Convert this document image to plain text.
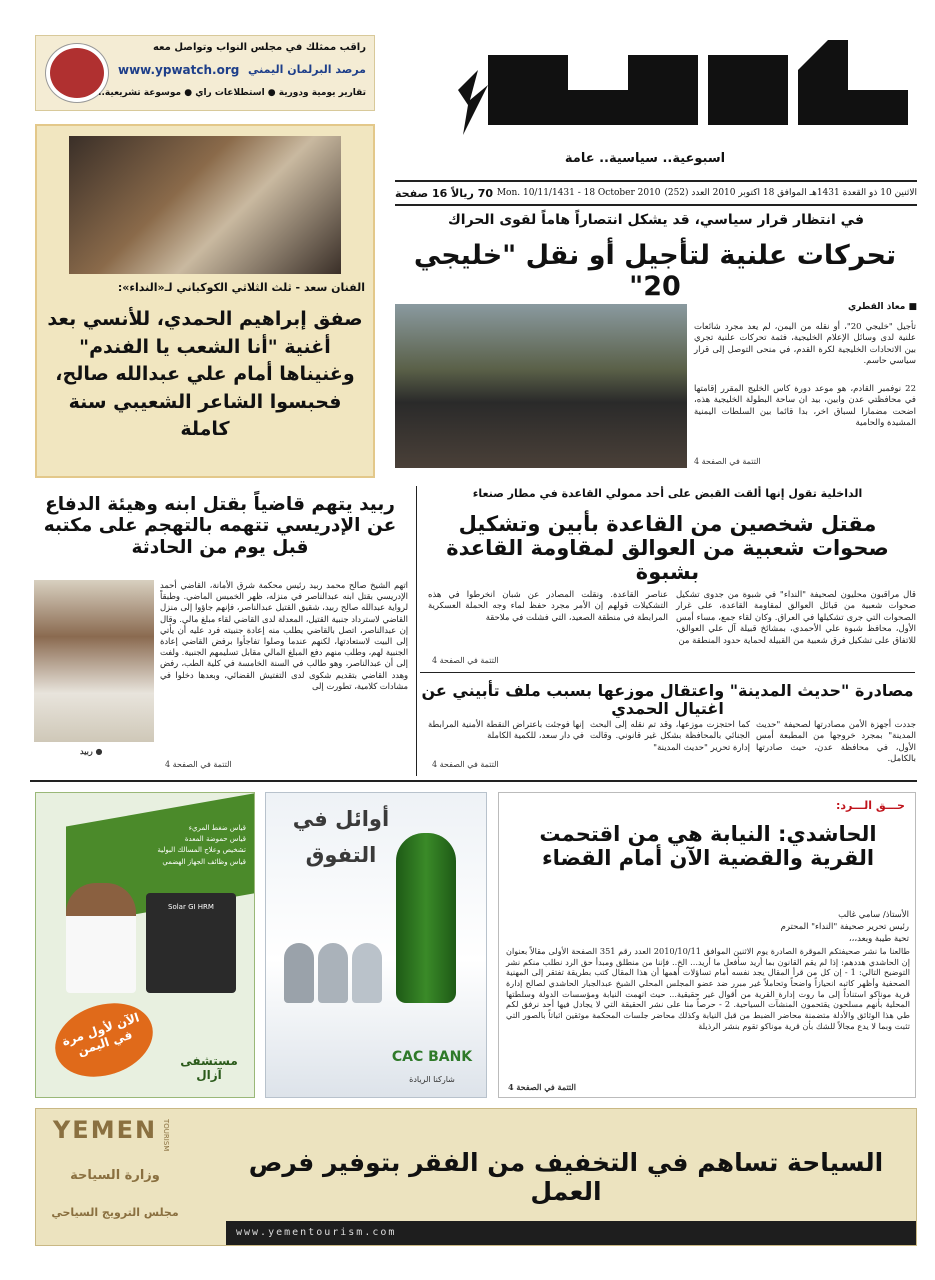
اسبوعية.. سياسية.. عامة
الاثنين 10 ذو القعدة 1431هـ الموافق 18 اكتوبر 2010 العدد (252)
Mon. 10/11/1431 - 18 October 2010
70 ريالاً
16 صفحة
راقب ممثلك في مجلس النواب وتواصل معه
مرصد البرلمان اليمني
www.ypwatch.org
تقارير يومية ودورية ● استطلاعات راي ● موسوعة تشريعية..
الفنان سعد - ثلث الثلاثي الكوكباني لـ«النداء»:
صفق إبراهيم الحمدي، للأنسي بعد أغنية "أنا الشعب يا الفندم" وغنيناها أمام علي عبدالله صالح، فحبسوا الشاعر الشعيبي سنة كاملة
في انتظار قرار سياسي، قد يشكل انتصاراً هاماً لقوى الحراك
تحركات علنية لتأجيل أو نقل "خليجي 20"
■ معاذ القطري
تأجيل "خليجي 20"، أو نقله من اليمن، لم يعد مجرد شائعات علنية لدى وسائل الإعلام الخليجية، فثمة تحركات علنية تجري بين الاتحادات الخليجية لكرة القدم، في منحى التوصل إلى قرار سياسي حاسم.
22 نوفمبر القادم، هو موعد دورة كاس الخليج المقرر إقامتها في محافظتي عدن وابين، بيد ان ساحة البطولة الخليجية هذه، اضحت مضمارا لسباق اخر، بدا قائما بين السلطات اليمنية المشيدة والحامية
التتمة في الصفحة 4
الداخلية تقول إنها ألقت القبض على أحد ممولي القاعدة في مطار صنعاء
مقتل شخصين من القاعدة بأبين وتشكيل صحوات شعبية من العوالق لمقاومة القاعدة بشبوة
قال مراقبون محليون لصحيفة "النداء" في شبوة من جدوى تشكيل صحوات شعبية من قبائل العوالق لمقاومة القاعدة، على غرار الصحوات التي جرى تشكيلها في العراق. وكان لقاء جمع، مساء أمس الأول، محافظ شبوة علي الأحمدي، بمشائخ قبيلة آل علي العوالق، للاتفاق على تشكيل فرق شعبية من القبيلة لحماية حدود المنطقة من
عناصر القاعدة. ونقلت المصادر عن شبان انخرطوا في هذه التشكيلات قولهم إن الأمر مجرد حفظ لماء وجه الحملة العسكرية المرابطة في منطقة الصعيد، التي فشلت في ملاحقة
التتمة في الصفحة 4
مصادرة "حديث المدينة" واعتقال موزعها بسبب ملف تأبيني عن اغتيال الحمدي
جددت أجهزة الأمن مصادرتها لصحيفة "حديث المدينة" بمجرد خروجها من المطبعة أمس الأول، في محافظة عدن، حيث صادرتها بالكامل.
كما احتجزت موزعها، وقد تم نقله إلى البحث الجنائي بالمحافظة بشكل غير قانوني. وقالت إدارة تحرير "حديث المدينة"
إنها فوجئت باعتراض النقطة الأمنية المرابطة في دار سعد، للكمية الكاملة
التتمة في الصفحة 4
ربيد يتهم قاضياً بقتل ابنه وهيئة الدفاع عن الإدريسي تتهمه بالتهجم على مكتبه قبل يوم من الحادثة
● ربيد
اتهم الشيخ صالح محمد ربيد رئيس محكمة شرق الأمانة، القاضي أحمد الإدريسي بقتل ابنه عبدالناصر في منزله، ظهر الخميس الماضي. وطبقاً لرواية عبدالله صالح ربيد، شقيق القتيل عبدالناصر، فإنهم جاؤوا إلى منزل القاضي لاسترداد جنبية القتيل، المعدلة لدى القاضي لقاء مبلغ مالي. وقال إن عبدالناصر، اتصل بالقاضي يطلب منه إعادة جنبيته فرد عليه أن يأتي إلى البيت لاستعادتها، لكنهم عندما وصلوا تفاجأوا برفض القاضي إعادة الجنبية لهم، وطلب منهم دفع المبلغ المالي مقابل تسليمهم الجنبية. ولفت إلى أن عبدالناصر، وهو طالب في السنة الخامسة في كلية الطب، رفض وهدد القاضي بتقديم شكوى لدى التفتيش القضائي، وبعدها دخلوا في مشادات كلامية، تطورت إلى
التتمة في الصفحة 4
قياس ضغط المريء
قياس حموضة المعدة
تشخيص وعلاج المسالك البولية
قياس وظائف الجهاز الهضمي
Solar GI HRM
الآن لأول مرة في اليمن
مستشفى آزال
أوائل في
التفوق
CAC BANK
شاركنا الريادة
حـــق الـــرد:
الحاشدي: النيابة هي من اقتحمت القرية والقضية الآن أمام القضاء
الأستاذ/ سامي غالب
رئيس تحرير صحيفة "النداء" المحترم
تحية طيبة وبعد،،،
طالعنا ما نشر صحيفتكم الموقرة الصادرة يوم الاثنين الموافق 2010/10/11 العدد رقم 351 الصفحة الأولى مقالاً بعنوان إن الحاشدي هددهم: إذا لم يقم القانون بما أريد سأفعل ما أريد... الخ.. فإننا من منطلق ومبدأ حق الرد نطلب منكم نشر التوضيح التالي: 1 - إن كل من قرأ المقال يجد نفسه أمام تساؤلات أهمها أن هذا المقال كتب بطريقة تفتقر إلى المهنية الصحفية وأظهر كاتبه انحيازاً واضحاً وتحاملاً غير مبرر ضد عضو المجلس المحلي الشيخ عبدالجبار الحاشدي لصالح إدارة قرية موناكو استناداً إلى ما روت إدارة القرية من أقوال غير حقيقية... حيث اتهمت النيابة ومؤسسات الدولة وسلطتها المحلية بأنهم مسلحون يقتحمون المنشآت السياحية. 2 - حرصاً منا على نشر الحقيقة التي لا يجادل فيها أحد نرفق لكم طي هذا الوثائق والأدلة متضمنة محاضر الضبط من قبل النيابة وكذلك محاضر جلسات المحكمة موثقين اثباتاً بالصور التي تثبت وبما لا يدع مجالاً للشك بأن قرية موناكو تقوم بنشر الرذيلة
التتمة في الصفحة 4
YEMEN TOURISM
وزارة السياحة
مجلس الترويج السياحي
السياحة تساهم في التخفيف من الفقر بتوفير فرص العمل
www.yementourism.com
